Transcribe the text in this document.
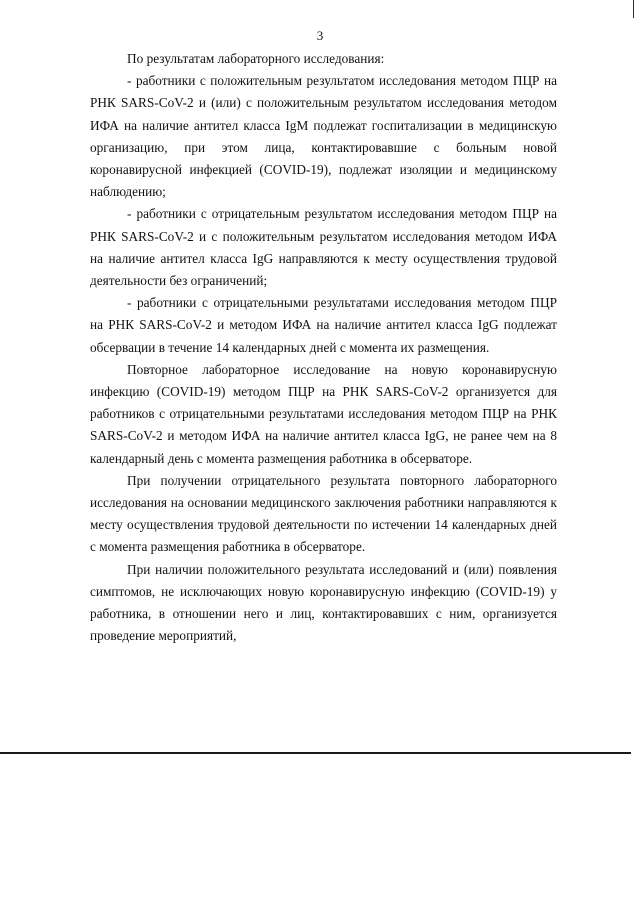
3

По результатам лабораторного исследования:

- работники с положительным результатом исследования методом ПЦР на РНК SARS-CoV-2 и (или) с положительным результатом исследования методом ИФА на наличие антител класса IgM подлежат госпитализации в медицинскую организацию, при этом лица, контактировавшие с больным новой коронавирусной инфекцией (COVID-19), подлежат изоляции и медицинскому наблюдению;

- работники с отрицательным результатом исследования методом ПЦР на РНК SARS-CoV-2 и с положительным результатом исследования методом ИФА на наличие антител класса IgG направляются к месту осуществления трудовой деятельности без ограничений;

- работники с отрицательными результатами исследования методом ПЦР на РНК SARS-CoV-2 и методом ИФА на наличие антител класса IgG подлежат обсервации в течение 14 календарных дней с момента их размещения.

Повторное лабораторное исследование на новую коронавирусную инфекцию (COVID-19) методом ПЦР на РНК SARS-CoV-2 организуется для работников с отрицательными результатами исследования методом ПЦР на РНК SARS-CoV-2 и методом ИФА на наличие антител класса IgG, не ранее чем на 8 календарный день с момента размещения работника в обсерваторе.

При получении отрицательного результата повторного лабораторного исследования на основании медицинского заключения работники направляются к месту осуществления трудовой деятельности по истечении 14 календарных дней с момента размещения работника в обсерваторе.

При наличии положительного результата исследований и (или) появления симптомов, не исключающих новую коронавирусную инфекцию (COVID-19) у работника, в отношении него и лиц, контактировавших с ним, организуется проведение мероприятий,
